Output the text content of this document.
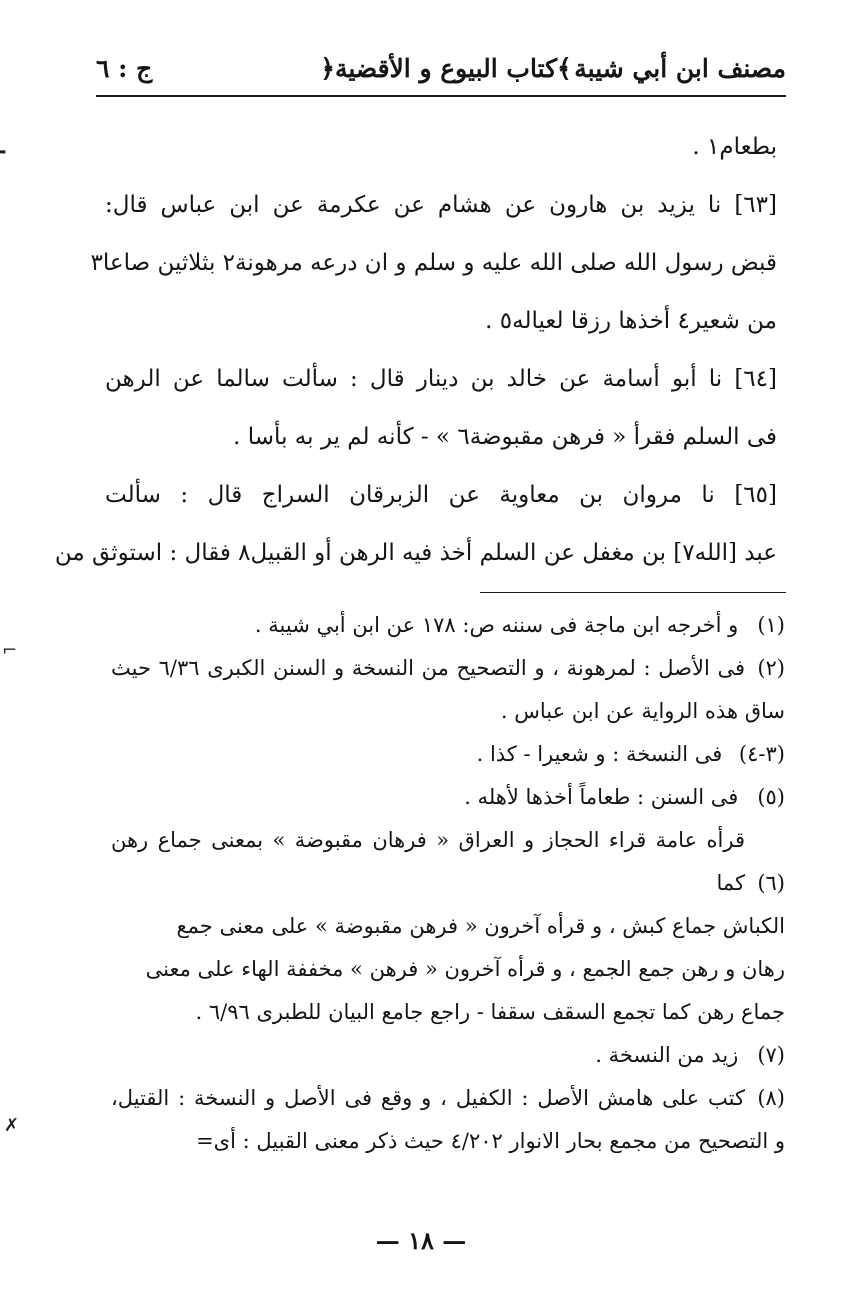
مصنف ابن أبي شيبة
﴿كتاب البيوع و الأقضية﴾
ج : ٦
بطعام١ .
[٦٣] نا يزيد بن هارون عن هشام عن عكرمة عن ابن عباس قال:
قبض رسول الله صلى الله عليه و سلم و ان درعه مرهونة٢ بثلاثين صاعا٣
من شعير٤ أخذها رزقا لعياله٥ .
[٦٤] نا أبو أسامة عن خالد بن دينار قال : سألت سالما عن الرهن
فى السلم فقرأ « فرهن مقبوضة٦ » - كأنه لم ير به بأسا .
[٦٥] نا مروان بن معاوية عن الزبرقان السراج قال : سألت
عبد [الله٧] بن مغفل عن السلم أخذ فيه الرهن أو القبيل٨ فقال : استوثق من
(١) و أخرجه ابن ماجة فى سننه ص: ١٧٨ عن ابن أبي شيبة .
(٢)فى الأصل : لمرهونة ، و التصحيح من النسخة و السنن الكبرى ٦/٣٦ حيث
ساق هذه الرواية عن ابن عباس .
(٣-٤) فى النسخة : و شعيرا - كذا .
(٥) فى السنن : طعاماً أخذها لأهله .
(٦)قرأه عامة قراء الحجاز و العراق « فرهان مقبوضة » بمعنى جماع رهن كما
الكباش جماع كبش ، و قرأه آخرون « فرهن مقبوضة » على معنى جمع
رهان و رهن جمع الجمع ، و قرأه آخرون « فرهن » مخففة الهاء على معنى
جماع رهن كما تجمع السقف سقفا - راجع جامع البيان للطبرى ٦/٩٦ .
(٧) زيد من النسخة .
(٨)كتب على هامش الأصل : الكفيل ، و وقع فى الأصل و النسخة : القتيل،
و التصحيح من مجمع بحار الانوار ٤/٢٠٢ حيث ذكر معنى القبيل : أى=
— ١٨ —
╸
⌐
✗
